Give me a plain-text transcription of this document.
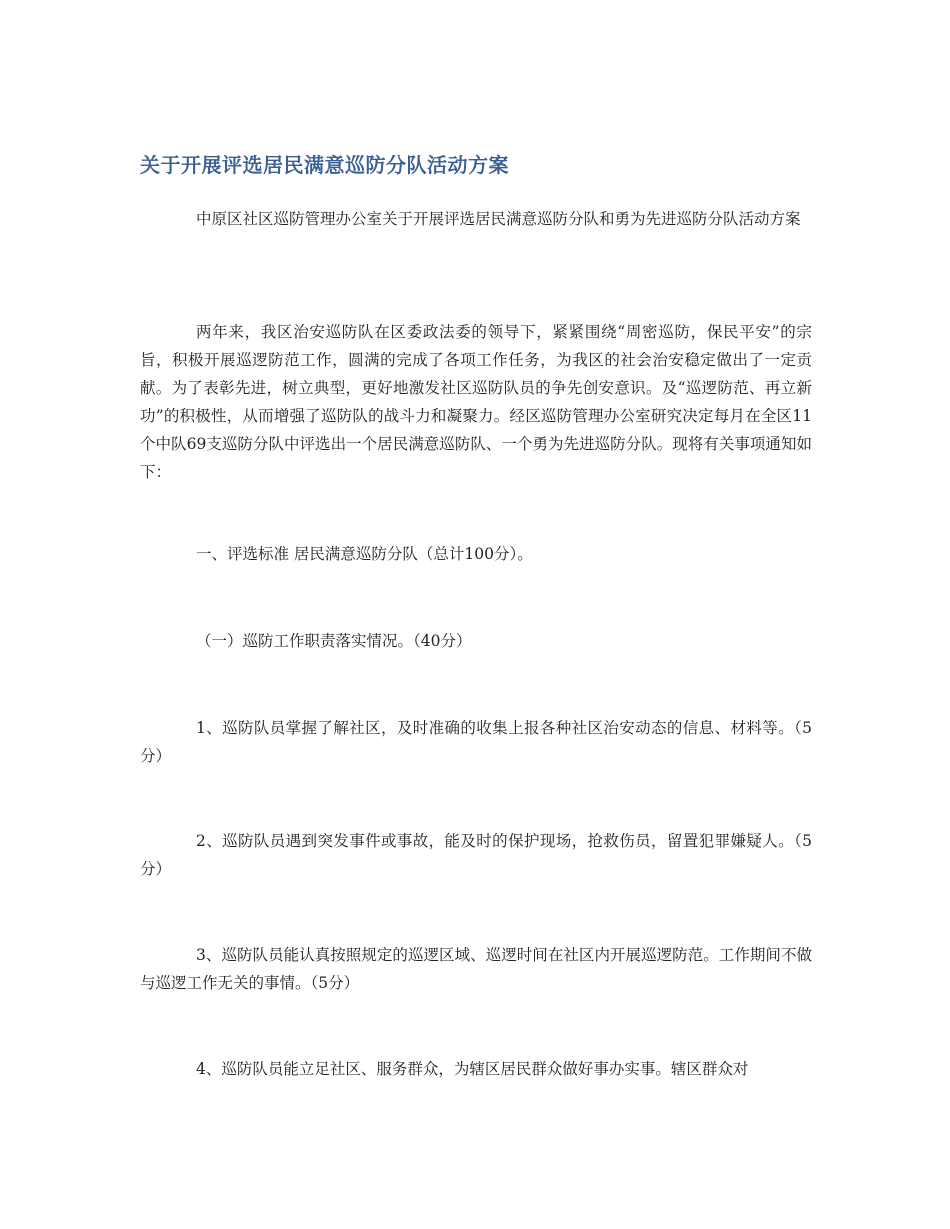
关于开展评选居民满意巡防分队活动方案

中原区社区巡防管理办公室关于开展评选居民满意巡防分队和勇为先进巡防分队活动方案

两年来，我区治安巡防队在区委政法委的领导下，紧紧围绕“周密巡防，保民平安”的宗旨，积极开展巡逻防范工作，圆满的完成了各项工作任务，为我区的社会治安稳定做出了一定贡献。为了表彰先进，树立典型，更好地激发社区巡防队员的争先创安意识。及“巡逻防范、再立新功”的积极性，从而增强了巡防队的战斗力和凝聚力。经区巡防管理办公室研究决定每月在全区11个中队69支巡防分队中评选出一个居民满意巡防队、一个勇为先进巡防分队。现将有关事项通知如下：

一、评选标准 居民满意巡防分队（总计100分）。

（一）巡防工作职责落实情况。（40分）

1、巡防队员掌握了解社区，及时准确的收集上报各种社区治安动态的信息、材料等。（5分）

2、巡防队员遇到突发事件或事故，能及时的保护现场，抢救伤员，留置犯罪嫌疑人。（5分）

3、巡防队员能认真按照规定的巡逻区域、巡逻时间在社区内开展巡逻防范。工作期间不做与巡逻工作无关的事情。（5分）

4、巡防队员能立足社区、服务群众，为辖区居民群众做好事办实事。辖区群众对
